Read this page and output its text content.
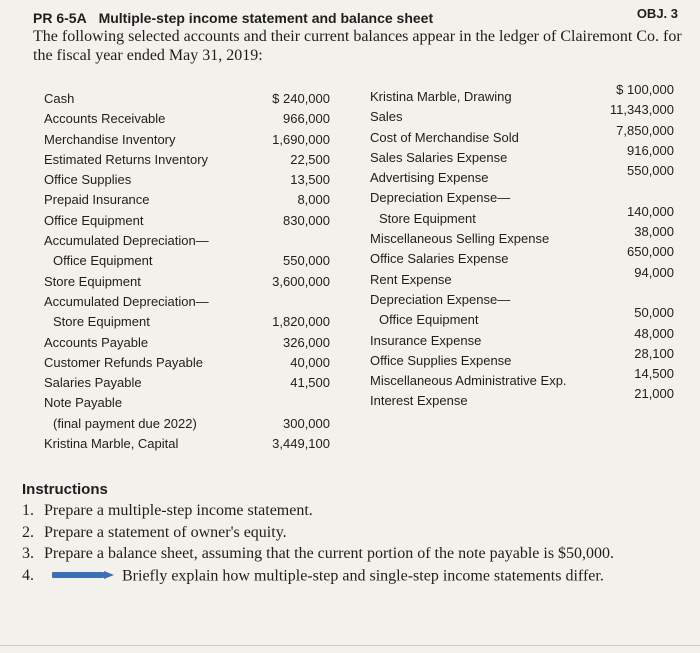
PR 6-5A Multiple-step income statement and balance sheet	OBJ. 3
The following selected accounts and their current balances appear in the ledger of Clairemont Co. for the fiscal year ended May 31, 2019:
Cash
Accounts Receivable
Merchandise Inventory
Estimated Returns Inventory
Office Supplies
Prepaid Insurance
Office Equipment
Accumulated Depreciation—
Office Equipment
Store Equipment
Accumulated Depreciation—
Store Equipment
Accounts Payable
Customer Refunds Payable
Salaries Payable
Note Payable
(final payment due 2022)
Kristina Marble, Capital
$ 240,000
966,000
1,690,000
22,500
13,500
8,000
830,000
550,000
3,600,000
1,820,000
326,000
40,000
41,500
300,000
3,449,100
Kristina Marble, Drawing
Sales
Cost of Merchandise Sold
Sales Salaries Expense
Advertising Expense
Depreciation Expense—
Store Equipment
Miscellaneous Selling Expense
Office Salaries Expense
Rent Expense
Depreciation Expense—
Office Equipment
Insurance Expense
Office Supplies Expense
Miscellaneous Administrative Exp.
Interest Expense
$ 100,000
11,343,000
7,850,000
916,000
550,000
140,000
38,000
650,000
94,000
50,000
48,000
28,100
14,500
21,000
Instructions
1. Prepare a multiple-step income statement.
2. Prepare a statement of owner's equity.
3. Prepare a balance sheet, assuming that the current portion of the note payable is $50,000.
4.	Briefly explain how multiple-step and single-step income statements differ.
